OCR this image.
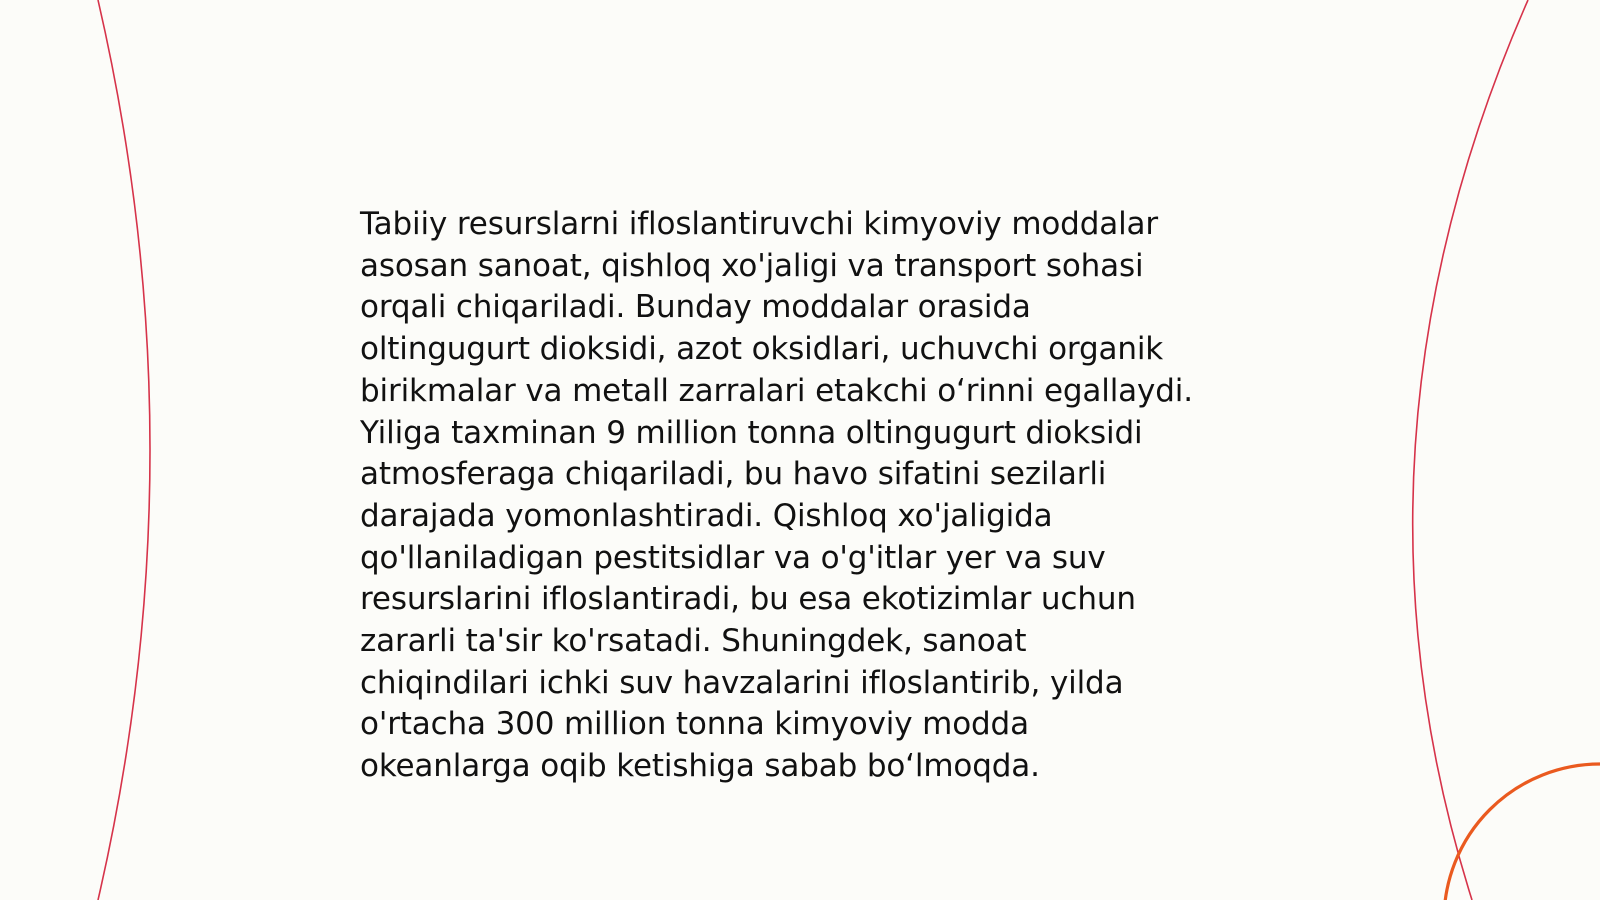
Tabiiy resurslarni ifloslantiruvchi kimyoviy moddalar
asosan sanoat, qishloq xo'jaligi va transport sohasi
orqali chiqariladi. Bunday moddalar orasida
oltingugurt dioksidi, azot oksidlari, uchuvchi organik
birikmalar va metall zarralari etakchi oʻrinni egallaydi.
Yiliga taxminan 9 million tonna oltingugurt dioksidi
atmosferaga chiqariladi, bu havo sifatini sezilarli
darajada yomonlashtiradi. Qishloq xo'jaligida
qo'llaniladigan pestitsidlar va o'g'itlar yer va suv
resurslarini ifloslantiradi, bu esa ekotizimlar uchun
zararli ta'sir ko'rsatadi. Shuningdek, sanoat
chiqindilari ichki suv havzalarini ifloslantirib, yilda
o'rtacha 300 million tonna kimyoviy modda
okeanlarga oqib ketishiga sabab boʻlmoqda.
